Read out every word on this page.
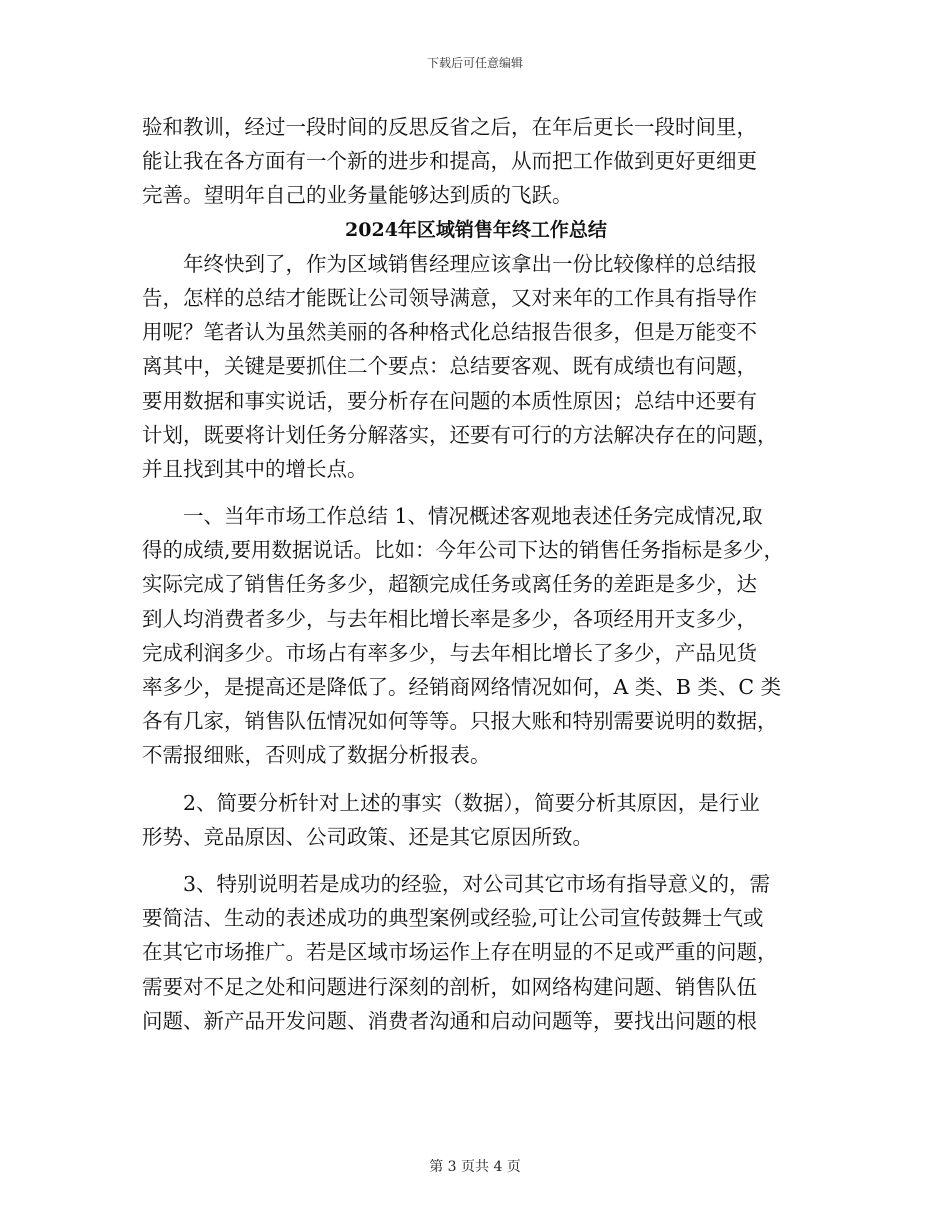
下载后可任意编辑
验和教训，经过一段时间的反思反省之后，在年后更长一段时间里，
能让我在各方面有一个新的进步和提高，从而把工作做到更好更细更
完善。望明年自己的业务量能够达到质的飞跃。
2024年区域销售年终工作总结
年终快到了，作为区域销售经理应该拿出一份比较像样的总结报
告，怎样的总结才能既让公司领导满意，又对来年的工作具有指导作
用呢？笔者认为虽然美丽的各种格式化总结报告很多，但是万能变不
离其中，关键是要抓住二个要点：总结要客观、既有成绩也有问题，
要用数据和事实说话，要分析存在问题的本质性原因；总结中还要有
计划，既要将计划任务分解落实，还要有可行的方法解决存在的问题，
并且找到其中的增长点。
一、当年市场工作总结 1、情况概述客观地表述任务完成情况,取
得的成绩,要用数据说话。比如：今年公司下达的销售任务指标是多少，
实际完成了销售任务多少，超额完成任务或离任务的差距是多少，达
到人均消费者多少，与去年相比增长率是多少，各项经用开支多少，
完成利润多少。市场占有率多少，与去年相比增长了多少，产品见货
率多少，是提高还是降低了。经销商网络情况如何，A 类、B 类、C 类
各有几家，销售队伍情况如何等等。只报大账和特别需要说明的数据，
不需报细账，否则成了数据分析报表。
2、简要分析针对上述的事实（数据），简要分析其原因，是行业
形势、竞品原因、公司政策、还是其它原因所致。
3、特别说明若是成功的经验，对公司其它市场有指导意义的，需
要简洁、生动的表述成功的典型案例或经验,可让公司宣传鼓舞士气或
在其它市场推广。若是区域市场运作上存在明显的不足或严重的问题，
需要对不足之处和问题进行深刻的剖析，如网络构建问题、销售队伍
问题、新产品开发问题、消费者沟通和启动问题等，要找出问题的根
第 3 页共 4 页
